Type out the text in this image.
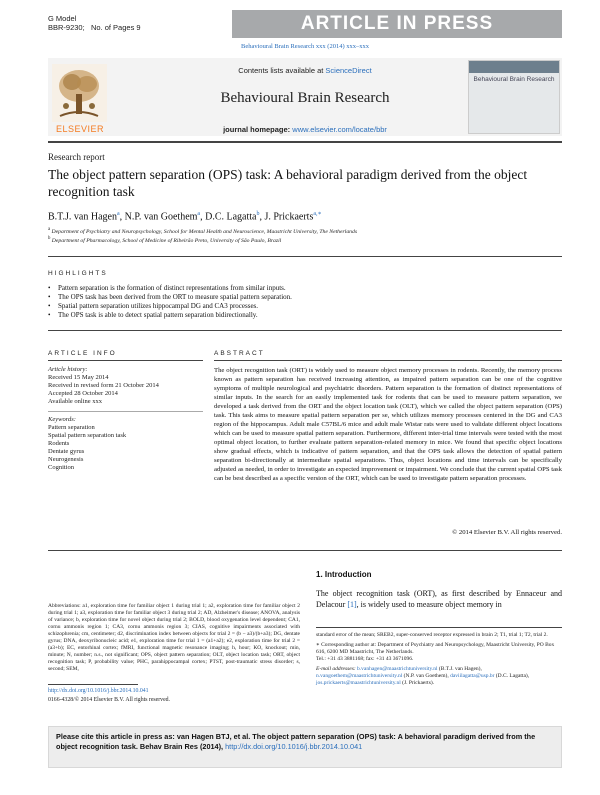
G Model
BBR-9230; No. of Pages 9	ARTICLE IN PRESS
Behavioural Brain Research xxx (2014) xxx–xxx
ELSEVIER
Contents lists available at ScienceDirect
Behavioural Brain Research
journal homepage: www.elsevier.com/locate/bbr
Behavioural Brain Research
Research report
The object pattern separation (OPS) task: A behavioral paradigm derived from the object recognition task
B.T.J. van Hagen$^a$, N.P. van Goethem$^a$, D.C. Lagatta$^b$, J. Prickaerts$^{a,∗}$
$^a$ Department of Psychiatry and Neuropsychology, School for Mental Health and Neuroscience, Maastricht University, The Netherlands
$^b$ Department of Pharmacology, School of Medicine of Ribeirão Preto, University of São Paulo, Brazil
HIGHLIGHTS
• Pattern separation is the formation of distinct representations from similar inputs.
• The OPS task has been derived from the ORT to measure spatial pattern separation.
• Spatial pattern separation utilizes hippocampal DG and CA3 processes.
• The OPS task is able to detect spatial pattern separation bidirectionally.
ARTICLE INFO
Article history:
Received 15 May 2014
Received in revised form 21 October 2014
Accepted 28 October 2014
Available online xxx
Keywords:
Pattern separation
Spatial pattern separation task
Rodents
Dentate gyrus
Neurogenesis
Cognition
ABSTRACT
The object recognition task (ORT) is widely used to measure object memory processes in rodents. Recently, the memory process known as pattern separation has received increasing attention, as impaired pattern separation can be one of the cognitive symptoms of multiple neurological and psychiatric disorders. Pattern separation is the formation of distinct representations of similar inputs. In the search for an easily implemented task for rodents that can be used to measure pattern separation, we developed a task derived from the ORT and the object location task (OLT), which we called the object pattern separation (OPS) task. This task aims to measure spatial pattern separation per se, which utilizes memory processes centered in the DG and CA3 region of the hippocampus. Adult male C57BL/6 mice and adult male Wistar rats were used to validate different object locations which can be used to measure spatial pattern separation. Furthermore, different inter-trial time intervals were tested with the most optimal object location, to further evaluate pattern separation-related memory in mice. We found that specific object locations show gradual effects, which is indicative of pattern separation, and that the OPS task allows the detection of spatial pattern separation bi-directionally at intermediate spatial separations. Thus, object locations and time intervals can be specifically adjusted as needed, in order to investigate an expected improvement or impairment. We conclude that the current spatial OPS task can be best described as a specific version of the ORT, which can be used to investigate pattern separation processes.
© 2014 Elsevier B.V. All rights reserved.
Abbreviations: a1, exploration time for familiar object 1 during trial 1; a2, exploration time for familiar object 2 during trial 1; a3, exploration time for familiar object 3 during trial 2; AD, Alzheimer's disease; ANOVA, analysis of variance; b, exploration time for novel object during trial 2; BOLD, blood oxygenation level dependent; CA1, cornu ammonis region 1; CA3, cornu ammonis region 3; CIAS, cognitive impairments associated with schizophrenia; cm, centimeter; d2, discrimination index between objects for trial 2 = (b − a3)/(b+a3); DG, dentate gyrus; DNA, deoxyribonucleic acid; e1, exploration time for trial 1 = (a1+a2); e2, exploration time for trial 2 = (a3+b); EC, entorhinal cortex; fMRI, functional magnetic resonance imaging; h, hour; KO, knockout; min, minute; N, number; n.s., not significant; OPS, object pattern separation; OLT, object location task; ORT, object recognition task; P, probability value; PHC, parahippocampal cortex; PTST, post-traumatic stress disorder; s, second; SEM,
http://dx.doi.org/10.1016/j.bbr.2014.10.041
0166-4328/© 2014 Elsevier B.V. All rights reserved.
1. Introduction
The object recognition task (ORT), as first described by Ennaceur and Delacour [1], is widely used to measure object memory in
standard error of the mean; SREB2, super-conserved receptor expressed in brain 2; T1, trial 1; T2, trial 2.
∗ Corresponding author at: Department of Psychiatry and Neuropsychology, Maastricht University, PO Box 616, 6200 MD Maastricht, The Netherlands.
Tel.: +31 43 3881168; fax: +31 43 3671096.
E-mail addresses: b.vanhagen@maastrichtuniversity.nl (B.T.J. van Hagen), n.vangoethem@maastrichtuniversity.nl (N.P. van Goethem), daviilagatta@usp.br (D.C. Lagatta), jos.prickaerts@maastrichtuniversity.nl (J. Prickaerts).
Please cite this article in press as: van Hagen BTJ, et al. The object pattern separation (OPS) task: A behavioral paradigm derived from the object recognition task. Behav Brain Res (2014), http://dx.doi.org/10.1016/j.bbr.2014.10.041
